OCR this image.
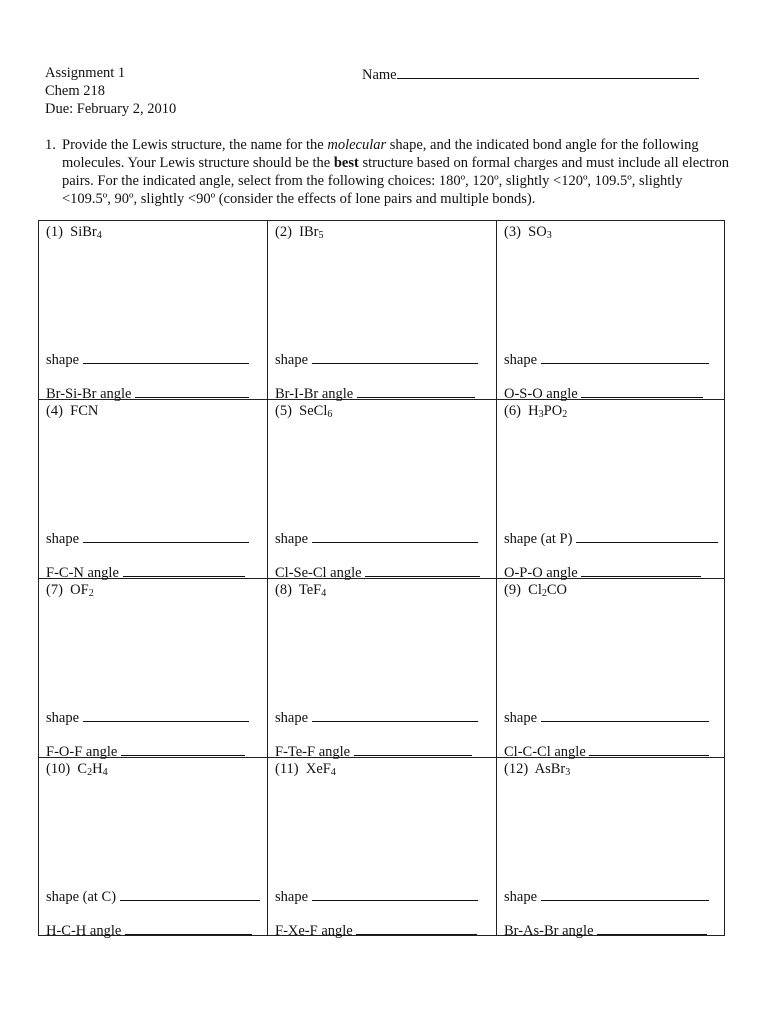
Assignment 1
Chem 218
Due: February 2, 2010
Name
1. Provide the Lewis structure, the name for the molecular shape, and the indicated bond angle for the following molecules. Your Lewis structure should be the best structure based on formal charges and must include all electron pairs. For the indicated angle, select from the following choices: 180º, 120º, slightly <120º, 109.5º, slightly <109.5º, 90º, slightly <90º (consider the effects of lone pairs and multiple bonds).
(1)  SiBr$_4$
shape
Br-Si-Br angle
(2)  IBr$_5$
shape
Br-I-Br angle
(3)  $SO_3$
shape
O-S-O angle
(4)  FCN
shape
F-C-N angle
(5)  SeCl$_6$
shape
Cl-Se-Cl angle
(6)  $H_3PO_2$
shape (at P)
O-P-O angle
(7)  $OF_2$
shape
F-O-F angle
(8)  TeF$_4$
shape
F-Te-F angle
(9)  $Cl_2CO$
shape
Cl-C-Cl angle
(10)  $C_2H_4$
shape (at C)
H-C-H angle
(11)  XeF$_4$
shape
F-Xe-F angle
(12)  AsBr$_3$
shape
Br-As-Br angle
